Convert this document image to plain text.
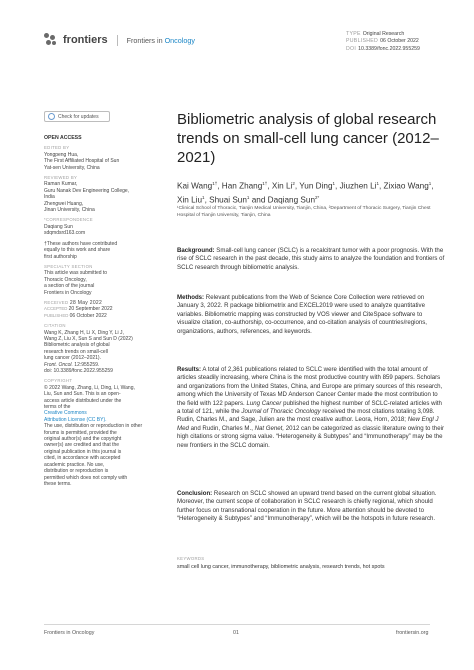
frontiers	Frontiers in Oncology
TYPE Original Research
PUBLISHED 06 October 2022
DOI 10.3389/fonc.2022.955259
Check for updates
OPEN ACCESS
EDITED BY
Yongpeng Hua,
The First Affiliated Hospital of Sun
Yat-sen University, China
REVIEWED BY
Raman Kumar,
Guru Nanak Dev Engineering College,
India
Zhengwei Huang,
Jinan University, China
*CORRESPONDENCE
Daqiang Sun
sdqmdsrd163.com
†These authors have contributed
equally to this work and share
first authorship
SPECIALTY SECTION
This article was submitted to
Thoracic Oncology,
a section of the journal
Frontiers in Oncology
RECEIVED 28 May 2022
ACCEPTED 20 September 2022
PUBLISHED 06 October 2022
CITATION
Wang K, Zhang H, Li X, Ding Y, Li J,
Wang Z, Liu X, Sun S and Sun D (2022)
Bibliometric analysis of global
research trends on small-cell
lung cancer (2012–2021).
Front. Oncol. 12:955259.
doi: 10.3389/fonc.2022.955259
COPYRIGHT
© 2022 Wang, Zhang, Li, Ding, Li, Wang,
Liu, Sun and Sun. This is an open-
access article distributed under the
terms of the
Creative Commons
Attribution License (CC BY).
The use, distribution or reproduction in other
forums is permitted, provided the
original author(s) and the copyright
owner(s) are credited and that the
original publication in this journal is
cited, in accordance with accepted
academic practice. No use,
distribution or reproduction is
permitted which does not comply with
these terms.
Bibliometric analysis of global research trends on small-cell lung cancer (2012–2021)
Kai Wang$^{1\dagger}$, Han Zhang$^{1\dagger}$, Xin Li$^2$, Yun Ding$^1$, Jiuzhen Li$^1$, Zixiao Wang$^1$, Xin Liu$^1$, Shuai Sun$^1$ and Daqiang Sun$^{2*}$
¹Clinical School of Thoracic, Tianjin Medical University, Tianjin, China, ²Department of Thoracic Surgery, Tianjin Chest Hospital of Tianjin University, Tianjin, China
Background: Small-cell lung cancer (SCLC) is a recalcitrant tumor with a poor prognosis. With the rise of SCLC research in the past decade, this study aims to analyze the foundation and frontiers of SCLC research through bibliometric analysis.
Methods: Relevant publications from the Web of Science Core Collection were retrieved on January 3, 2022. R package bibliometrix and EXCEL2019 were used to analyze quantitative variables. Bibliometric mapping was constructed by VOS viewer and CiteSpace software to visualize citation, co-authorship, co-occurrence, and co-citation analysis of countries/regions, organizations, authors, references, and keywords.
Results: A total of 2,361 publications related to SCLC were identified with the total amount of articles steadily increasing, where China is the most productive country with 859 papers. Scholars and organizations from the United States, China, and Europe are primary sources of this research, among which the University of Texas MD Anderson Cancer Center made the most contribution to the field with 122 papers. Lung Cancer published the highest number of SCLC-related articles with a total of 121, while the Journal of Thoracic Oncology received the most citations totaling 3,098. Rudin, Charles M., and Sage, Julien are the most creative author. Leora, Horn, 2018; New Engl J Med and Rudin, Charles M., Nat Genet, 2012 can be categorized as classic literature owing to their high citations or strong sigma value. “Heterogeneity & Subtypes” and “Immunotherapy” may be the new frontiers in the SCLC domain.
Conclusion: Research on SCLC showed an upward trend based on the current global situation. Moreover, the current scope of collaboration in SCLC research is chiefly regional, which should further focus on transnational cooperation in the future. More attention should be devoted to “Heterogeneity & Subtypes” and “Immunotherapy”, which will be the hotspots in future research.
KEYWORDS
small cell lung cancer, immunotherapy, bibliometric analysis, research trends, hot spots
Frontiers in Oncology	01	frontiersin.org
